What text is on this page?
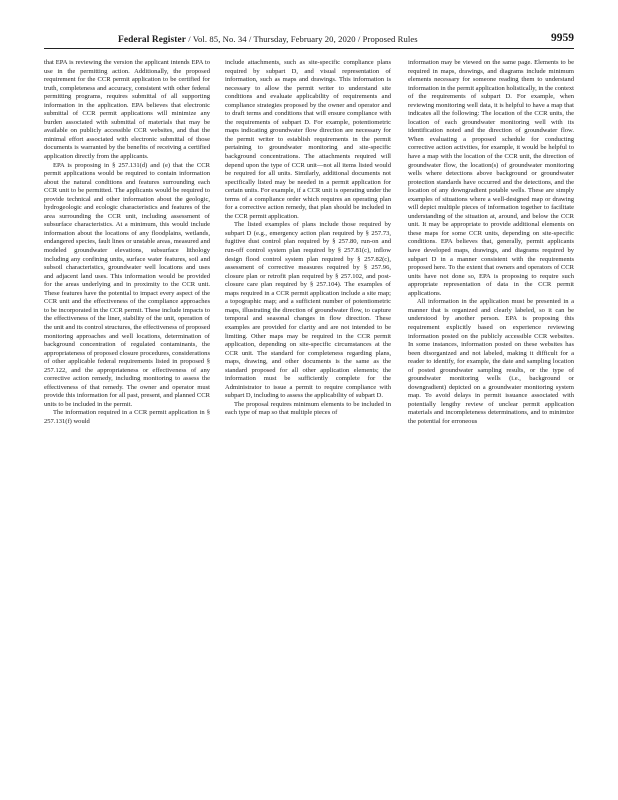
Federal Register / Vol. 85, No. 34 / Thursday, February 20, 2020 / Proposed Rules	9959

that EPA is reviewing the version the applicant intends EPA to use in the permitting action. Additionally, the proposed requirement for the CCR permit application to be certified for truth, completeness and accuracy, consistent with other federal permitting programs, requires submittal of all supporting information in the application. EPA believes that electronic submittal of CCR permit applications will minimize any burden associated with submittal of materials that may be available on publicly accessible CCR websites, and that the minimal effort associated with electronic submittal of those documents is warranted by the benefits of receiving a certified application directly from the applicants.

EPA is proposing in § 257.131(d) and (e) that the CCR permit applications would be required to contain information about the natural conditions and features surrounding each CCR unit to be permitted. The applicants would be required to provide technical and other information about the geologic, hydrogeologic and ecologic characteristics and features of the area surrounding the CCR unit, including assessment of subsurface characteristics. At a minimum, this would include information about the locations of any floodplains, wetlands, endangered species, fault lines or unstable areas, measured and modeled groundwater elevations, subsurface lithology including any confining units, surface water features, soil and subsoil characteristics, groundwater well locations and uses and adjacent land uses. This information would be provided for the areas underlying and in proximity to the CCR unit. These features have the potential to impact every aspect of the CCR unit and the effectiveness of the compliance approaches to be incorporated in the CCR permit. These include impacts to the effectiveness of the liner, stability of the unit, operation of the unit and its control structures, the effectiveness of proposed monitoring approaches and well locations, determination of background concentration of regulated contaminants, the appropriateness of proposed closure procedures, considerations of other applicable federal requirements listed in proposed § 257.122, and the appropriateness or effectiveness of any corrective action remedy, including monitoring to assess the effectiveness of that remedy. The owner and operator must provide this information for all past, present, and planned CCR units to be included in the permit.

The information required in a CCR permit application in § 257.131(f) would

include attachments, such as site-specific compliance plans required by subpart D, and visual representation of information, such as maps and drawings. This information is necessary to allow the permit writer to understand site conditions and evaluate applicability of requirements and compliance strategies proposed by the owner and operator and to draft terms and conditions that will ensure compliance with the requirements of subpart D. For example, potentiometric maps indicating groundwater flow direction are necessary for the permit writer to establish requirements in the permit pertaining to groundwater monitoring and site-specific background concentrations. The attachments required will depend upon the type of CCR unit—not all items listed would be required for all units. Similarly, additional documents not specifically listed may be needed in a permit application for certain units. For example, if a CCR unit is operating under the terms of a compliance order which requires an operating plan for a corrective action remedy, that plan should be included in the CCR permit application.

The listed examples of plans include those required by subpart D (e.g., emergency action plan required by § 257.73, fugitive dust control plan required by § 257.80, run-on and run-off control system plan required by § 257.81(c), inflow design flood control system plan required by § 257.82(c), assessment of corrective measures required by § 257.96, closure plan or retrofit plan required by § 257.102, and post-closure care plan required by § 257.104). The examples of maps required in a CCR permit application include a site map; a topographic map; and a sufficient number of potentiometric maps, illustrating the direction of groundwater flow, to capture temporal and seasonal changes in flow direction. These examples are provided for clarity and are not intended to be limiting. Other maps may be required in the CCR permit application, depending on site-specific circumstances at the CCR unit. The standard for completeness regarding plans, maps, drawing, and other documents is the same as the standard proposed for all other application elements; the information must be sufficiently complete for the Administrator to issue a permit to require compliance with subpart D, including to assess the applicability of subpart D.

The proposal requires minimum elements to be included in each type of map so that multiple pieces of

information may be viewed on the same page. Elements to be required in maps, drawings, and diagrams include minimum elements necessary for someone reading them to understand information in the permit application holistically, in the context of the requirements of subpart D. For example, when reviewing monitoring well data, it is helpful to have a map that indicates all the following: The location of the CCR units, the location of each groundwater monitoring well with its identification noted and the direction of groundwater flow. When evaluating a proposed schedule for conducting corrective action activities, for example, it would be helpful to have a map with the location of the CCR unit, the direction of groundwater flow, the location(s) of groundwater monitoring wells where detections above background or groundwater protection standards have occurred and the detections, and the location of any downgradient potable wells. These are simply examples of situations where a well-designed map or drawing will depict multiple pieces of information together to facilitate understanding of the situation at, around, and below the CCR unit. It may be appropriate to provide additional elements on these maps for some CCR units, depending on site-specific conditions. EPA believes that, generally, permit applicants have developed maps, drawings, and diagrams required by subpart D in a manner consistent with the requirements proposed here. To the extent that owners and operators of CCR units have not done so, EPA is proposing to require such appropriate representation of data in the CCR permit applications.

All information in the application must be presented in a manner that is organized and clearly labeled, so it can be understood by another person. EPA is proposing this requirement explicitly based on experience reviewing information posted on the publicly accessible CCR websites. In some instances, information posted on these websites has been disorganized and not labeled, making it difficult for a reader to identify, for example, the date and sampling location of posted groundwater sampling results, or the type of groundwater monitoring wells (i.e., background or downgradient) depicted on a groundwater monitoring system map. To avoid delays in permit issuance associated with potentially lengthy review of unclear permit application materials and incompleteness determinations, and to minimize the potential for erroneous
